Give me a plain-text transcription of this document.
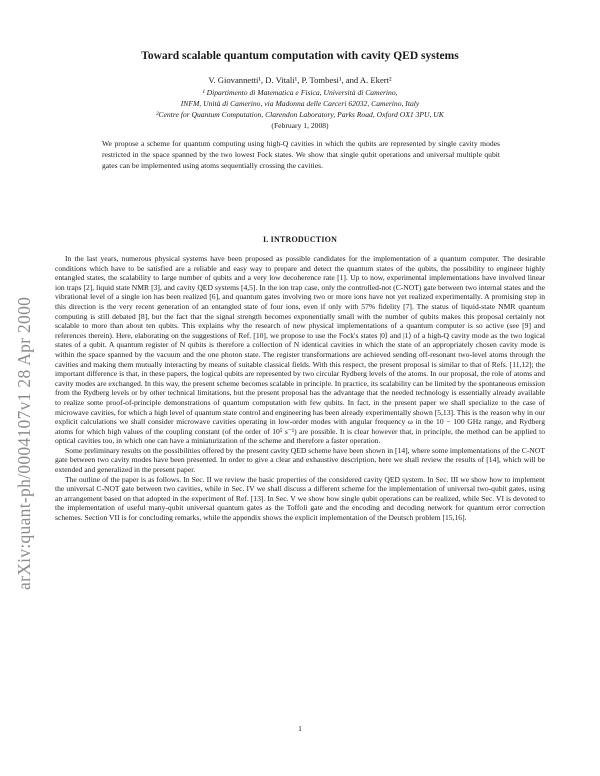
Toward scalable quantum computation with cavity QED systems
V. Giovannetti¹, D. Vitali¹, P. Tombesi¹, and A. Ekert²
¹ Dipartimento di Matematica e Fisica, Università di Camerino,
INFM, Unità di Camerino, via Madonna delle Carceri 62032, Camerino, Italy
²Centre for Quantum Computation, Clarendon Laboratory, Parks Road, Oxford OX1 3PU, UK
(February 1, 2008)
We propose a scheme for quantum computing using high-Q cavities in which the qubits are represented by single cavity modes restricted in the space spanned by the two lowest Fock states. We show that single qubit operations and universal multiple qubit gates can be implemented using atoms sequentially crossing the cavities.
I. INTRODUCTION

In the last years, numerous physical systems have been proposed as possible candidates for the implementation of a quantum computer. The desirable conditions which have to be satisfied are a reliable and easy way to prepare and detect the quantum states of the qubits, the possibility to engineer highly entangled states, the scalability to large number of qubits and a very low decoherence rate [1]. Up to now, experimental implementations have involved linear ion traps [2], liquid state NMR [3], and cavity QED systems [4,5]. In the ion trap case, only the controlled-not (C-NOT) gate between two internal states and the vibrational level of a single ion has been realized [6], and quantum gates involving two or more ions have not yet realized experimentally. A promising step in this direction is the very recent generation of an entangled state of four ions, even if only with 57% fidelity [7]. The status of liquid-state NMR quantum computing is still debated [8], but the fact that the signal strength becomes exponentially small with the number of qubits makes this proposal certainly not scalable to more than about ten qubits. This explains why the research of new physical implementations of a quantum computer is so active (see [9] and references therein). Here, elaborating on the suggestions of Ref. [10], we propose to use the Fock's states |0⟩ and |1⟩ of a high-Q cavity mode as the two logical states of a qubit. A quantum register of N qubits is therefore a collection of N identical cavities in which the state of an appropriately chosen cavity mode is within the space spanned by the vacuum and the one photon state. The register transformations are achieved sending off-resonant two-level atoms through the cavities and making them mutually interacting by means of suitable classical fields. With this respect, the present proposal is similar to that of Refs. [11,12]; the important difference is that, in these papers, the logical qubits are represented by two circular Rydberg levels of the atoms. In our proposal, the role of atoms and cavity modes are exchanged. In this way, the present scheme becomes scalable in principle. In practice, its scalability can be limited by the spontaneous emission from the Rydberg levels or by other technical limitations, but the present proposal has the advantage that the needed technology is essentially already available to realize some proof-of-principle demonstrations of quantum computation with few qubits. In fact, in the present paper we shall specialize to the case of microwave cavities, for which a high level of quantum state control and engineering has been already experimentally shown [5,13]. This is the reason why in our explicit calculations we shall consider microwave cavities operating in low-order modes with angular frequency ω in the 10 − 100 GHz range, and Rydberg atoms for which high values of the coupling constant (of the order of 10⁵ s⁻¹) are possible. It is clear however that, in principle, the method can be applied to optical cavities too, in which one can have a miniaturization of the scheme and therefore a faster operation.

Some preliminary results on the possibilities offered by the present cavity QED scheme have been shown in [14], where some implementations of the C-NOT gate between two cavity modes have been presented. In order to give a clear and exhaustive description, here we shall review the results of [14], which will be extended and generalized in the present paper.

The outline of the paper is as follows. In Sec. II we review the basic properties of the considered cavity QED system. In Sec. III we show how to implement the universal C-NOT gate between two cavities, while in Sec. IV we shall discuss a different scheme for the implementation of universal two-qubit gates, using an arrangement based on that adopted in the experiment of Ref. [13]. In Sec. V we show how single qubit operations can be realized, while Sec. VI is devoted to the implementation of useful many-qubit universal quantum gates as the Toffoli gate and the encoding and decoding network for quantum error correction schemes. Section VII is for concluding remarks, while the appendix shows the explicit implementation of the Deutsch problem [15,16].

arXiv:quant-ph/0004107v1 28 Apr 2000
1
